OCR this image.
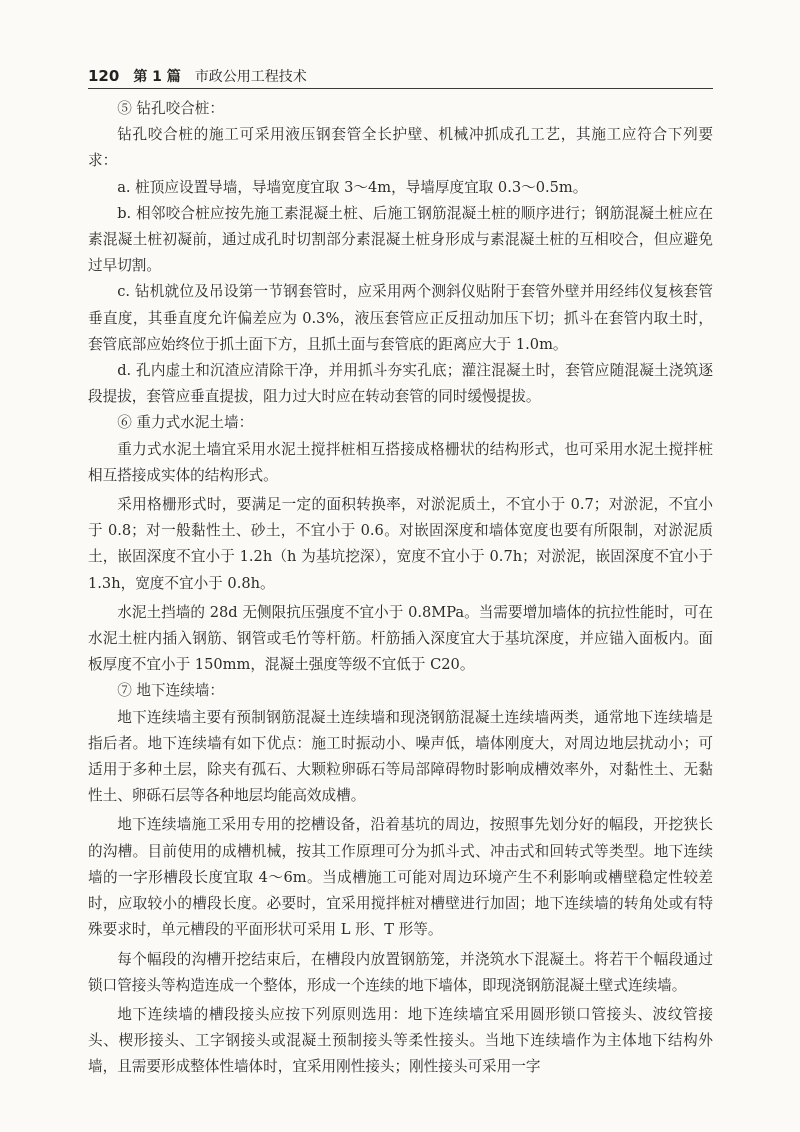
120 第 1 篇 市政公用工程技术

⑤ 钻孔咬合桩：

钻孔咬合桩的施工可采用液压钢套管全长护壁、机械冲抓成孔工艺，其施工应符合下列要求：

a. 桩顶应设置导墙，导墙宽度宜取 3～4m，导墙厚度宜取 0.3～0.5m。

b. 相邻咬合桩应按先施工素混凝土桩、后施工钢筋混凝土桩的顺序进行；钢筋混凝土桩应在素混凝土桩初凝前，通过成孔时切割部分素混凝土桩身形成与素混凝土桩的互相咬合，但应避免过早切割。

c. 钻机就位及吊设第一节钢套管时，应采用两个测斜仪贴附于套管外壁并用经纬仪复核套管垂直度，其垂直度允许偏差应为 0.3%，液压套管应正反扭动加压下切；抓斗在套管内取土时，套管底部应始终位于抓土面下方，且抓土面与套管底的距离应大于 1.0m。

d. 孔内虚土和沉渣应清除干净，并用抓斗夯实孔底；灌注混凝土时，套管应随混凝土浇筑逐段提拔，套管应垂直提拔，阻力过大时应在转动套管的同时缓慢提拔。

⑥ 重力式水泥土墙：

重力式水泥土墙宜采用水泥土搅拌桩相互搭接成格栅状的结构形式，也可采用水泥土搅拌桩相互搭接成实体的结构形式。

采用格栅形式时，要满足一定的面积转换率，对淤泥质土，不宜小于 0.7；对淤泥，不宜小于 0.8；对一般黏性土、砂土，不宜小于 0.6。对嵌固深度和墙体宽度也要有所限制，对淤泥质土，嵌固深度不宜小于 1.2h（h 为基坑挖深），宽度不宜小于 0.7h；对淤泥，嵌固深度不宜小于 1.3h，宽度不宜小于 0.8h。

水泥土挡墙的 28d 无侧限抗压强度不宜小于 0.8MPa。当需要增加墙体的抗拉性能时，可在水泥土桩内插入钢筋、钢管或毛竹等杆筋。杆筋插入深度宜大于基坑深度，并应锚入面板内。面板厚度不宜小于 150mm，混凝土强度等级不宜低于 C20。

⑦ 地下连续墙：

地下连续墙主要有预制钢筋混凝土连续墙和现浇钢筋混凝土连续墙两类，通常地下连续墙是指后者。地下连续墙有如下优点：施工时振动小、噪声低，墙体刚度大，对周边地层扰动小；可适用于多种土层，除夹有孤石、大颗粒卵砾石等局部障碍物时影响成槽效率外，对黏性土、无黏性土、卵砾石层等各种地层均能高效成槽。

地下连续墙施工采用专用的挖槽设备，沿着基坑的周边，按照事先划分好的幅段，开挖狭长的沟槽。目前使用的成槽机械，按其工作原理可分为抓斗式、冲击式和回转式等类型。地下连续墙的一字形槽段长度宜取 4～6m。当成槽施工可能对周边环境产生不利影响或槽壁稳定性较差时，应取较小的槽段长度。必要时，宜采用搅拌桩对槽壁进行加固；地下连续墙的转角处或有特殊要求时，单元槽段的平面形状可采用 L 形、T 形等。

每个幅段的沟槽开挖结束后，在槽段内放置钢筋笼，并浇筑水下混凝土。将若干个幅段通过锁口管接头等构造连成一个整体，形成一个连续的地下墙体，即现浇钢筋混凝土壁式连续墙。

地下连续墙的槽段接头应按下列原则选用：地下连续墙宜采用圆形锁口管接头、波纹管接头、楔形接头、工字钢接头或混凝土预制接头等柔性接头。当地下连续墙作为主体地下结构外墙，且需要形成整体性墙体时，宜采用刚性接头；刚性接头可采用一字
